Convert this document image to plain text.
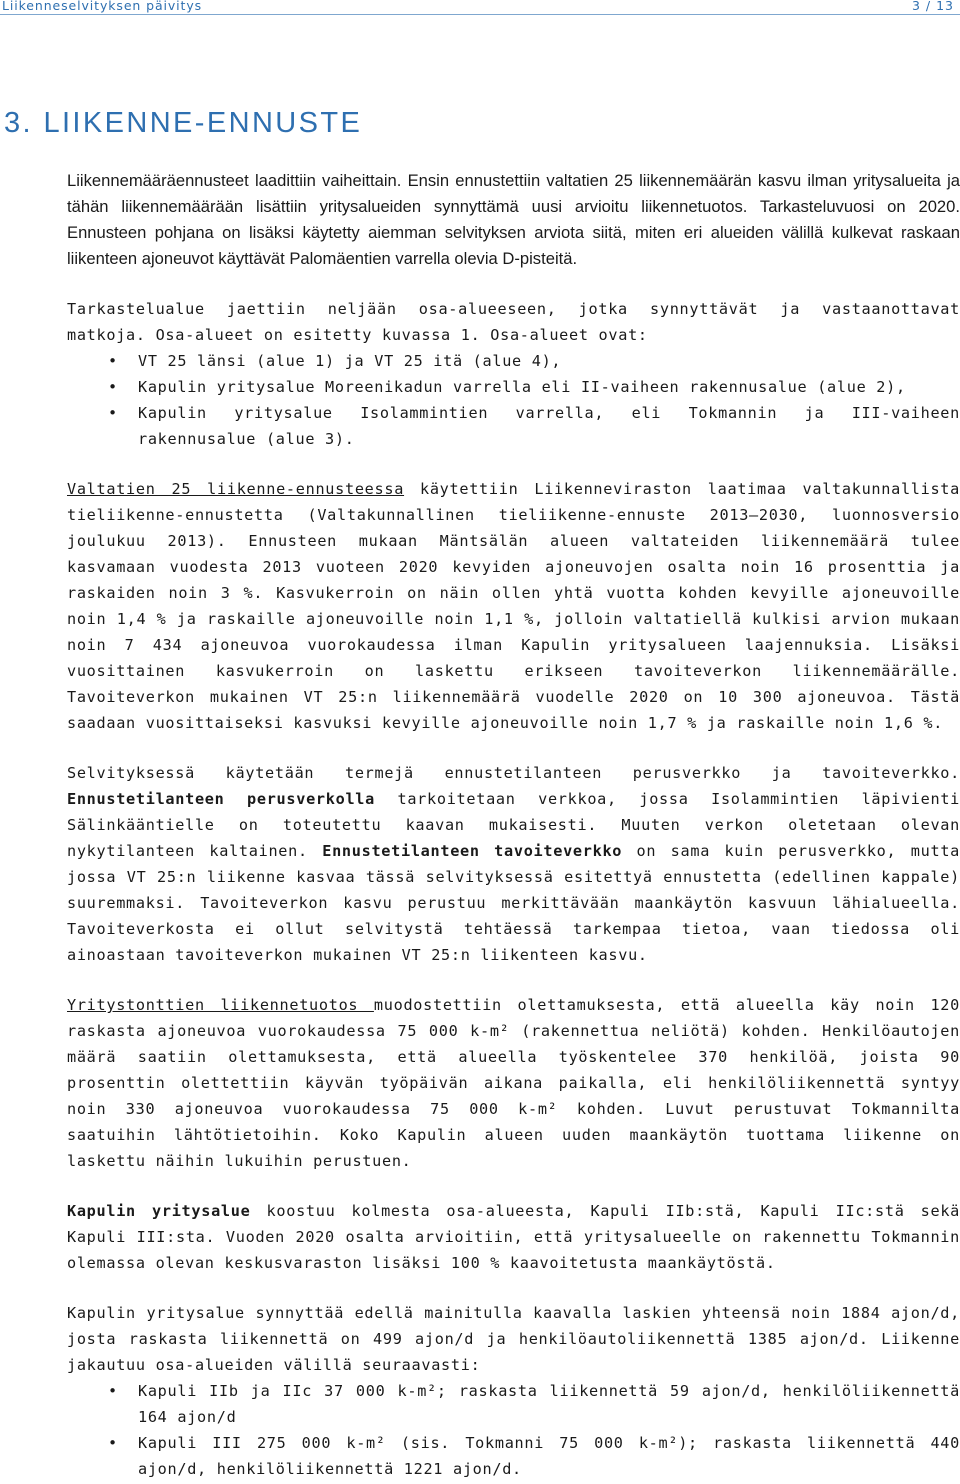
Liikenneselvityksen päivitys	3 / 13
3. LIIKENNE-ENNUSTE

Liikennemääräennusteet laadittiin vaiheittain. Ensin ennustettiin valtatien 25 liikennemäärän kasvu ilman yritysalueita ja tähän liikennemäärään lisättiin yritysalueiden synnyttämä uusi arvioitu liikennetuotos. Tarkasteluvuosi on 2020. Ennusteen pohjana on lisäksi käytetty aiemman selvityksen arviota siitä, miten eri alueiden välillä kulkevat raskaan liikenteen ajoneuvot käyttävät Palomäentien varrella olevia D-pisteitä.

Tarkastelualue jaettiin neljään osa-alueeseen, jotka synnyttävät ja vastaanottavat matkoja. Osa-alueet on esitetty kuvassa 1. Osa-alueet ovat:

• VT 25 länsi (alue 1) ja VT 25 itä (alue 4),
• Kapulin yritysalue Moreenikadun varrella eli II-vaiheen rakennusalue (alue 2),
• Kapulin yritysalue Isolammintien varrella, eli Tokmannin ja III-vaiheen rakennusalue (alue 3).

Valtatien 25 liikenne-ennusteessa käytettiin Liikenneviraston laatimaa valtakunnallista tieliikenne-ennustetta (Valtakunnallinen tieliikenne-ennuste 2013–2030, luonnosversio joulukuu 2013). Ennusteen mukaan Mäntsälän alueen valtateiden liikennemäärä tulee kasvamaan vuodesta 2013 vuoteen 2020 kevyiden ajoneuvojen osalta noin 16 prosenttia ja raskaiden noin 3 %. Kasvukerroin on näin ollen yhtä vuotta kohden kevyille ajoneuvoille noin 1,4 % ja raskaille ajoneuvoille noin 1,1 %, jolloin valtatiellä kulkisi arvion mukaan noin 7 434 ajoneuvoa vuorokaudessa ilman Kapulin yritysalueen laajennuksia. Lisäksi vuosittainen kasvukerroin on laskettu erikseen tavoiteverkon liikennemäärälle. Tavoiteverkon mukainen VT 25:n liikennemäärä vuodelle 2020 on 10 300 ajoneuvoa. Tästä saadaan vuosittaiseksi kasvuksi kevyille ajoneuvoille noin 1,7 % ja raskaille noin 1,6 %.

Selvityksessä käytetään termejä ennustetilanteen perusverkko ja tavoiteverkko. Ennustetilanteen perusverkolla tarkoitetaan verkkoa, jossa Isolammintien läpivienti Sälinkääntielle on toteutettu kaavan mukaisesti. Muuten verkon oletetaan olevan nykytilanteen kaltainen. Ennustetilanteen tavoiteverkko on sama kuin perusverkko, mutta jossa VT 25:n liikenne kasvaa tässä selvityksessä esitettyä ennustetta (edellinen kappale) suuremmaksi. Tavoiteverkon kasvu perustuu merkittävään maankäytön kasvuun lähialueella. Tavoiteverkosta ei ollut selvitystä tehtäessä tarkempaa tietoa, vaan tiedossa oli ainoastaan tavoiteverkon mukainen VT 25:n liikenteen kasvu.

Yritystonttien liikennetuotos muodostettiin olettamuksesta, että alueella käy noin 120 raskasta ajoneuvoa vuorokaudessa 75 000 k-m² (rakennettua neliötä) kohden. Henkilöautojen määrä saatiin olettamuksesta, että alueella työskentelee 370 henkilöä, joista 90 prosenttin olettettiin käyvän työpäivän aikana paikalla, eli henkilöliikennettä syntyy noin 330 ajoneuvoa vuorokaudessa 75 000 k-m² kohden. Luvut perustuvat Tokmannilta saatuihin lähtötietoihin. Koko Kapulin alueen uuden maankäytön tuottama liikenne on laskettu näihin lukuihin perustuen.

Kapulin yritysalue koostuu kolmesta osa-alueesta, Kapuli IIb:stä, Kapuli IIc:stä sekä Kapuli III:sta. Vuoden 2020 osalta arvioitiin, että yritysalueelle on rakennettu Tokmannin olemassa olevan keskusvaraston lisäksi 100 % kaavoitetusta maankäytöstä.

Kapulin yritysalue synnyttää edellä mainitulla kaavalla laskien yhteensä noin 1884 ajon/d, josta raskasta liikennettä on 499 ajon/d ja henkilöautoliikennettä 1385 ajon/d. Liikenne jakautuu osa-alueiden välillä seuraavasti:

• Kapuli IIb ja IIc 37 000 k-m²; raskasta liikennettä 59 ajon/d, henkilöliikennettä 164 ajon/d
• Kapuli III 275 000 k-m² (sis. Tokmanni 75 000 k-m²); raskasta liikennettä 440 ajon/d, henkilöliikennettä 1221 ajon/d.
